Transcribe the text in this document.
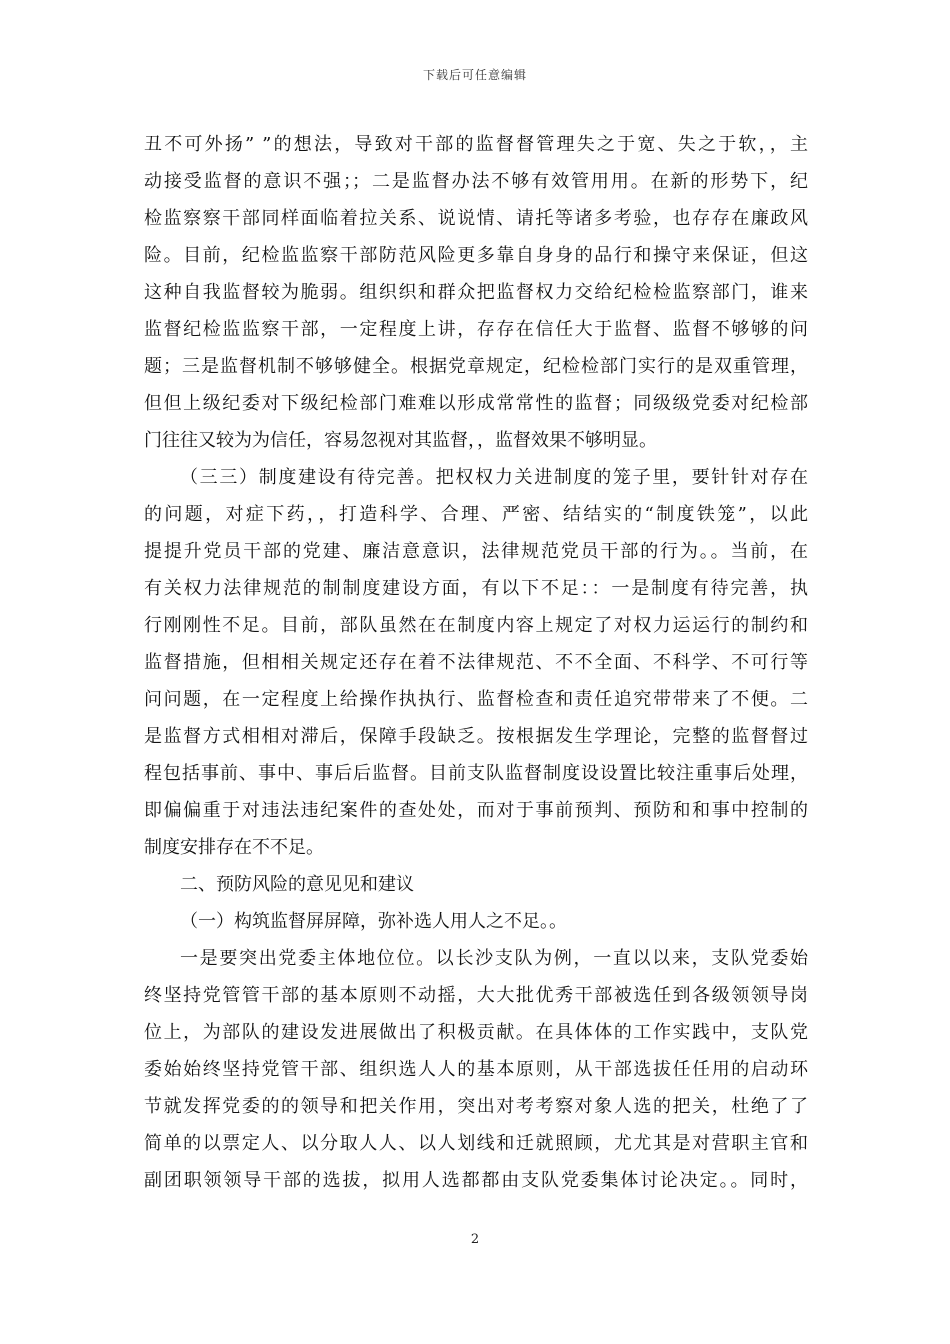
下载后可任意编辑
丑不可外扬” ”的想法，导致对干部的监督督管理失之于宽、失之于软，，主
动接受监督的意识不强；；二是监督办法不够有效管用用。在新的形势下，纪
检监察察干部同样面临着拉关系、说说情、请托等诸多考验，也存存在廉政风
险。目前，纪检监监察干部防范风险更多靠自身身的品行和操守来保证，但这
这种自我监督较为脆弱。组织织和群众把监督权力交给纪检检监察部门，谁来
监督纪检监监察干部，一定程度上讲，存存在信任大于监督、监督不够够的问
题；三是监督机制不够够健全。根据党章规定，纪检检部门实行的是双重管理，
但但上级纪委对下级纪检部门难难以形成常常性的监督；同级级党委对纪检部
门往往又较为为信任，容易忽视对其监督，，监督效果不够明显。
（三三）制度建设有待完善。把权权力关进制度的笼子里，要针针对存在
的问题，对症下药，，打造科学、合理、严密、结结实的“制度铁笼”，以此
提提升党员干部的党建、廉洁意意识，法律规范党员干部的行为。。当前，在
有关权力法律规范的制制度建设方面，有以下不足：：一是制度有待完善，执
行刚刚性不足。目前，部队虽然在在制度内容上规定了对权力运运行的制约和
监督措施，但相相关规定还存在着不法律规范、不不全面、不科学、不可行等
问问题，在一定程度上给操作执执行、监督检查和责任追究带带来了不便。二
是监督方式相相对滞后，保障手段缺乏。按根据发生学理论，完整的监督督过
程包括事前、事中、事后后监督。目前支队监督制度设设置比较注重事后处理，
即偏偏重于对违法违纪案件的查处处，而对于事前预判、预防和和事中控制的
制度安排存在不不足。
二、预防风险的意见见和建议
（一）构筑监督屏屏障，弥补选人用人之不足。。
一是要突出党委主体地位位。以长沙支队为例，一直以以来，支队党委始
终坚持党管管干部的基本原则不动摇，大大批优秀干部被选任到各级领领导岗
位上，为部队的建设发进展做出了积极贡献。在具体体的工作实践中，支队党
委始始终坚持党管干部、组织选人人的基本原则，从干部选拔任任用的启动环
节就发挥党委的的领导和把关作用，突出对考考察对象人选的把关，杜绝了了
简单的以票定人、以分取人人、以人划线和迁就照顾，尤尤其是对营职主官和
副团职领领导干部的选拔，拟用人选都都由支队党委集体讨论决定。。同时，
2
